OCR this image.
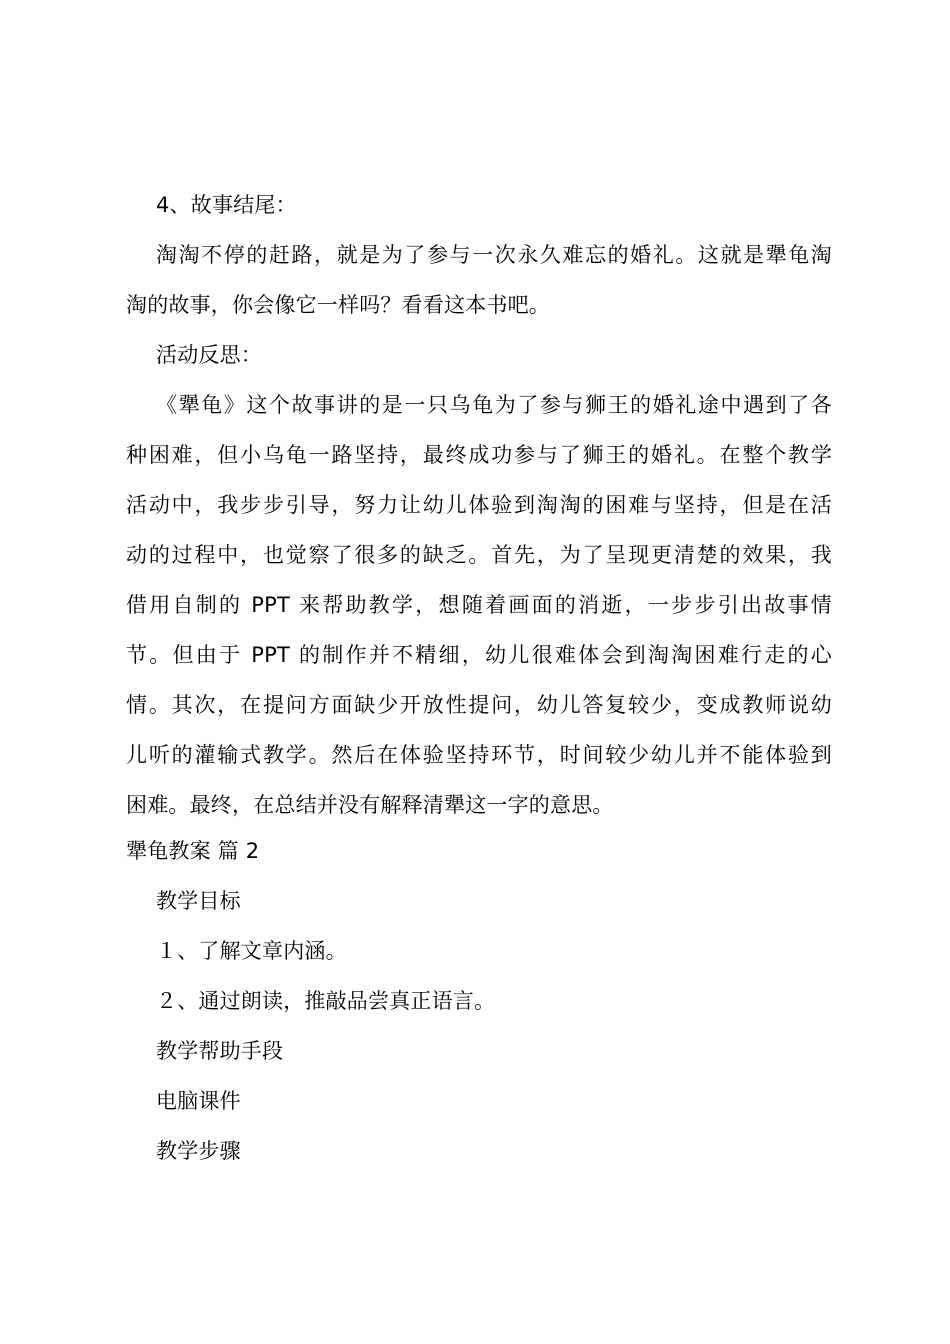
4、故事结尾：

淘淘不停的赶路，就是为了参与一次永久难忘的婚礼。这就是犟龟淘
淘的故事，你会像它一样吗？看看这本书吧。

活动反思：

《犟龟》这个故事讲的是一只乌龟为了参与狮王的婚礼途中遇到了各
种困难，但小乌龟一路坚持，最终成功参与了狮王的婚礼。在整个教学
活动中，我步步引导，努力让幼儿体验到淘淘的困难与坚持，但是在活
动的过程中，也觉察了很多的缺乏。首先，为了呈现更清楚的效果，我
借用自制的 PPT 来帮助教学，想随着画面的消逝，一步步引出故事情
节。但由于 PPT 的制作并不精细，幼儿很难体会到淘淘困难行走的心
情。其次，在提问方面缺少开放性提问，幼儿答复较少，变成教师说幼
儿听的灌输式教学。然后在体验坚持环节，时间较少幼儿并不能体验到
困难。最终，在总结并没有解释清犟这一字的意思。

犟龟教案 篇 2

教学目标

１、了解文章内涵。

２、通过朗读，推敲品尝真正语言。

教学帮助手段

电脑课件

教学步骤
